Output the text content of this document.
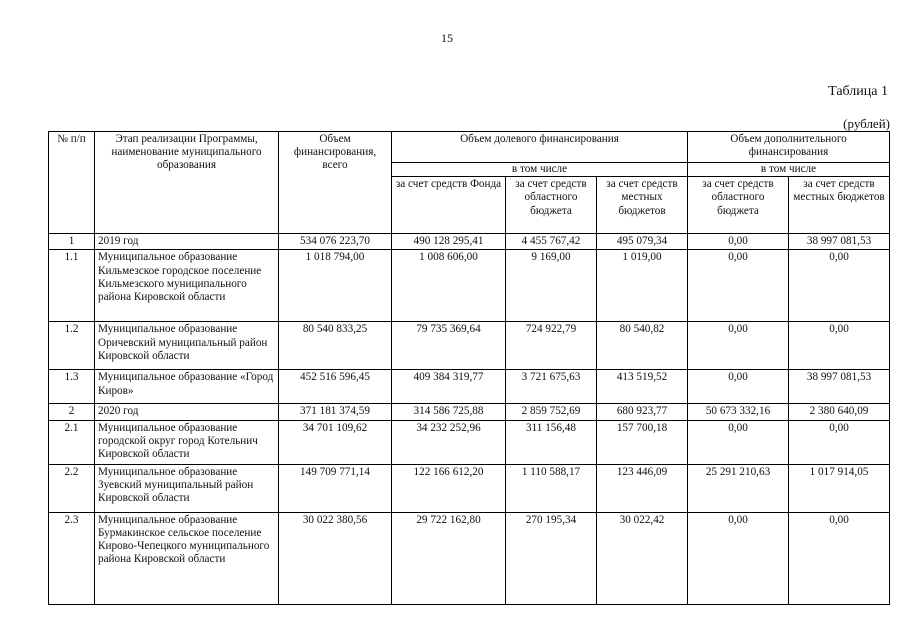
15
Таблица 1
(рублей)
№ п/п	Этап реализации Программы, наименование муниципального образования	Объем финансирования, всего	Объем долевого финансирования			Объем дополнительного финансирования	
			в том числе			в том числе	
			за счет средств Фонда	за счет средств областного бюджета	за счет средств местных бюджетов	за счет средств областного бюджета	за счет средств местных бюджетов
1	2019 год	534 076 223,70	490 128 295,41	4 455 767,42	495 079,34	0,00	38 997 081,53
1.1	Муниципальное образование Кильмезское городское поселение Кильмезского муниципального района Кировской области	1 018 794,00	1 008 606,00	9 169,00	1 019,00	0,00	0,00
1.2	Муниципальное образование Оричевский муниципальный район Кировской области	80 540 833,25	79 735 369,64	724 922,79	80 540,82	0,00	0,00
1.3	Муниципальное образование «Город Киров»	452 516 596,45	409 384 319,77	3 721 675,63	413 519,52	0,00	38 997 081,53
2	2020 год	371 181 374,59	314 586 725,88	2 859 752,69	680 923,77	50 673 332,16	2 380 640,09
2.1	Муниципальное образование городской округ город Котельнич Кировской области	34 701 109,62	34 232 252,96	311 156,48	157 700,18	0,00	0,00
2.2	Муниципальное образование Зуевский муниципальный район Кировской области	149 709 771,14	122 166 612,20	1 110 588,17	123 446,09	25 291 210,63	1 017 914,05
2.3	Муниципальное образование Бурмакинское сельское поселение Кирово-Чепецкого муниципального района Кировской области	30 022 380,56	29 722 162,80	270 195,34	30 022,42	0,00	0,00
